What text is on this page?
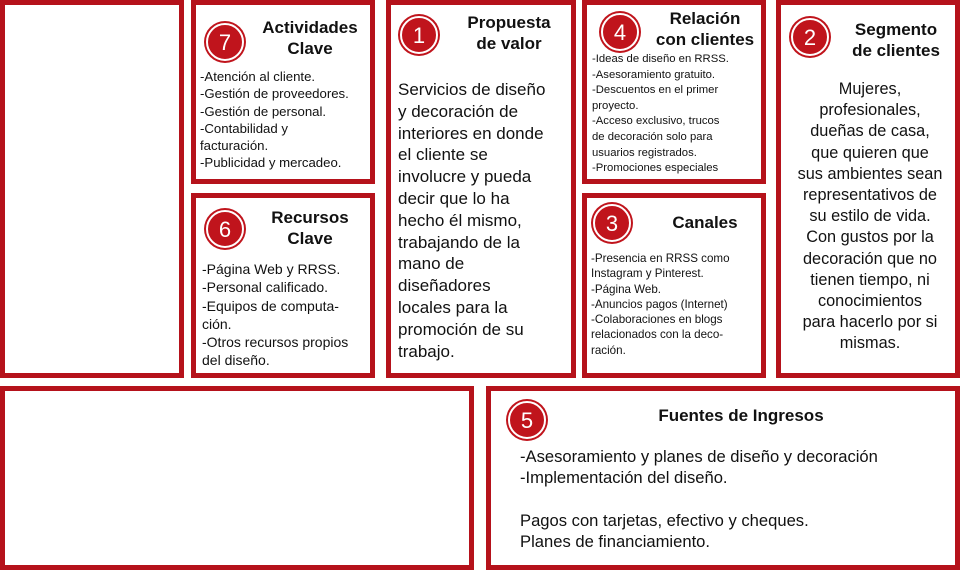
7
Actividades
Clave
-Atención al cliente.
-Gestión de proveedores.
-Gestión de personal.
-Contabilidad y
facturación.
-Publicidad y mercadeo.
6	Recursos
Clave
-Página Web y RRSS.
-Personal calificado.
-Equipos de computa-
ción.
-Otros recursos propios
del diseño.
1
Propuesta
de valor
Servicios de diseño
y decoración de
interiores en donde
el cliente se
involucre y pueda
decir que lo ha
hecho él mismo,
trabajando de la
mano de
diseñadores
locales para la
promoción de su
trabajo.
4
Relación
con clientes
-Ideas de diseño en RRSS.
-Asesoramiento gratuito.
-Descuentos en el primer
proyecto.
-Acceso exclusivo, trucos
de decoración solo para
usuarios registrados.
-Promociones especiales
3	Canales
-Presencia en RRSS como
Instagram y Pinterest.
-Página Web.
-Anuncios pagos (Internet)
-Colaboraciones en blogs
relacionados con la deco-
ración.
2	Segmento
de clientes
Mujeres,
profesionales,
dueñas de casa,
que quieren que
sus ambientes sean
representativos de
su estilo de vida.
Con gustos por la
decoración que no
tienen tiempo, ni
conocimientos
para hacerlo por si
mismas.
5	Fuentes de Ingresos
-Asesoramiento y planes de diseño y decoración
-Implementación del diseño.
Pagos con tarjetas, efectivo y cheques.
Planes de financiamiento.
